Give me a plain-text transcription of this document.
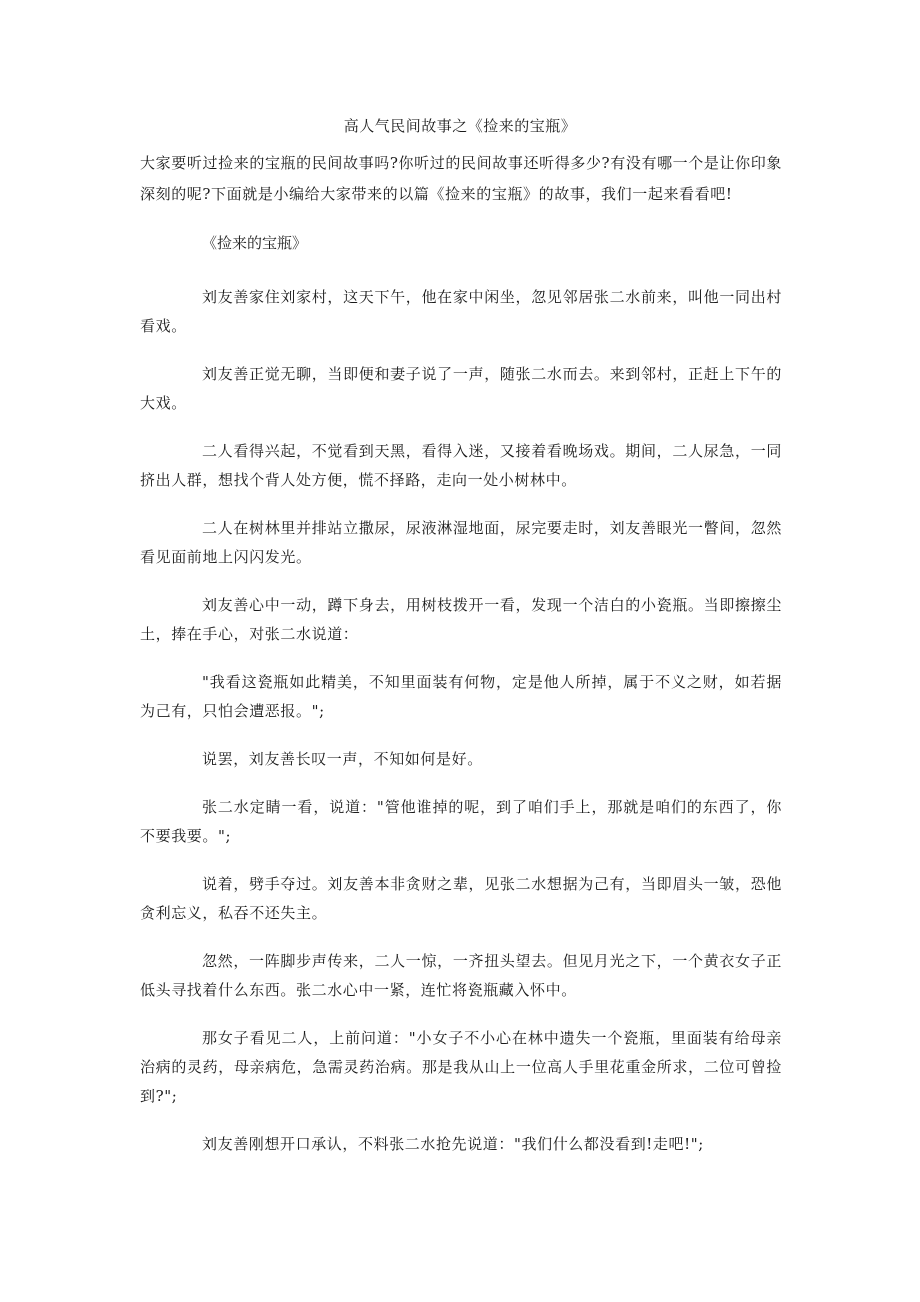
高人气民间故事之《捡来的宝瓶》
大家要听过捡来的宝瓶的民间故事吗?你听过的民间故事还听得多少?有没有哪一个是让你印象深刻的呢?下面就是小编给大家带来的以篇《捡来的宝瓶》的故事，我们一起来看看吧!
《捡来的宝瓶》

刘友善家住刘家村，这天下午，他在家中闲坐，忽见邻居张二水前来，叫他一同出村看戏。

刘友善正觉无聊，当即便和妻子说了一声，随张二水而去。来到邻村，正赶上下午的大戏。

二人看得兴起，不觉看到天黑，看得入迷，又接着看晚场戏。期间，二人尿急，一同挤出人群，想找个背人处方便，慌不择路，走向一处小树林中。

二人在树林里并排站立撒尿，尿液淋湿地面，尿完要走时，刘友善眼光一瞥间，忽然看见面前地上闪闪发光。

刘友善心中一动，蹲下身去，用树枝拨开一看，发现一个洁白的小瓷瓶。当即擦擦尘土，捧在手心，对张二水说道：

"我看这瓷瓶如此精美，不知里面装有何物，定是他人所掉，属于不义之财，如若据为己有，只怕会遭恶报。";

说罢，刘友善长叹一声，不知如何是好。

张二水定睛一看，说道："管他谁掉的呢，到了咱们手上，那就是咱们的东西了，你不要我要。";

说着，劈手夺过。刘友善本非贪财之辈，见张二水想据为己有，当即眉头一皱，恐他贪利忘义，私吞不还失主。

忽然，一阵脚步声传来，二人一惊，一齐扭头望去。但见月光之下，一个黄衣女子正低头寻找着什么东西。张二水心中一紧，连忙将瓷瓶藏入怀中。

那女子看见二人，上前问道："小女子不小心在林中遗失一个瓷瓶，里面装有给母亲治病的灵药，母亲病危，急需灵药治病。那是我从山上一位高人手里花重金所求，二位可曾捡到?";

刘友善刚想开口承认，不料张二水抢先说道："我们什么都没看到!走吧!";
